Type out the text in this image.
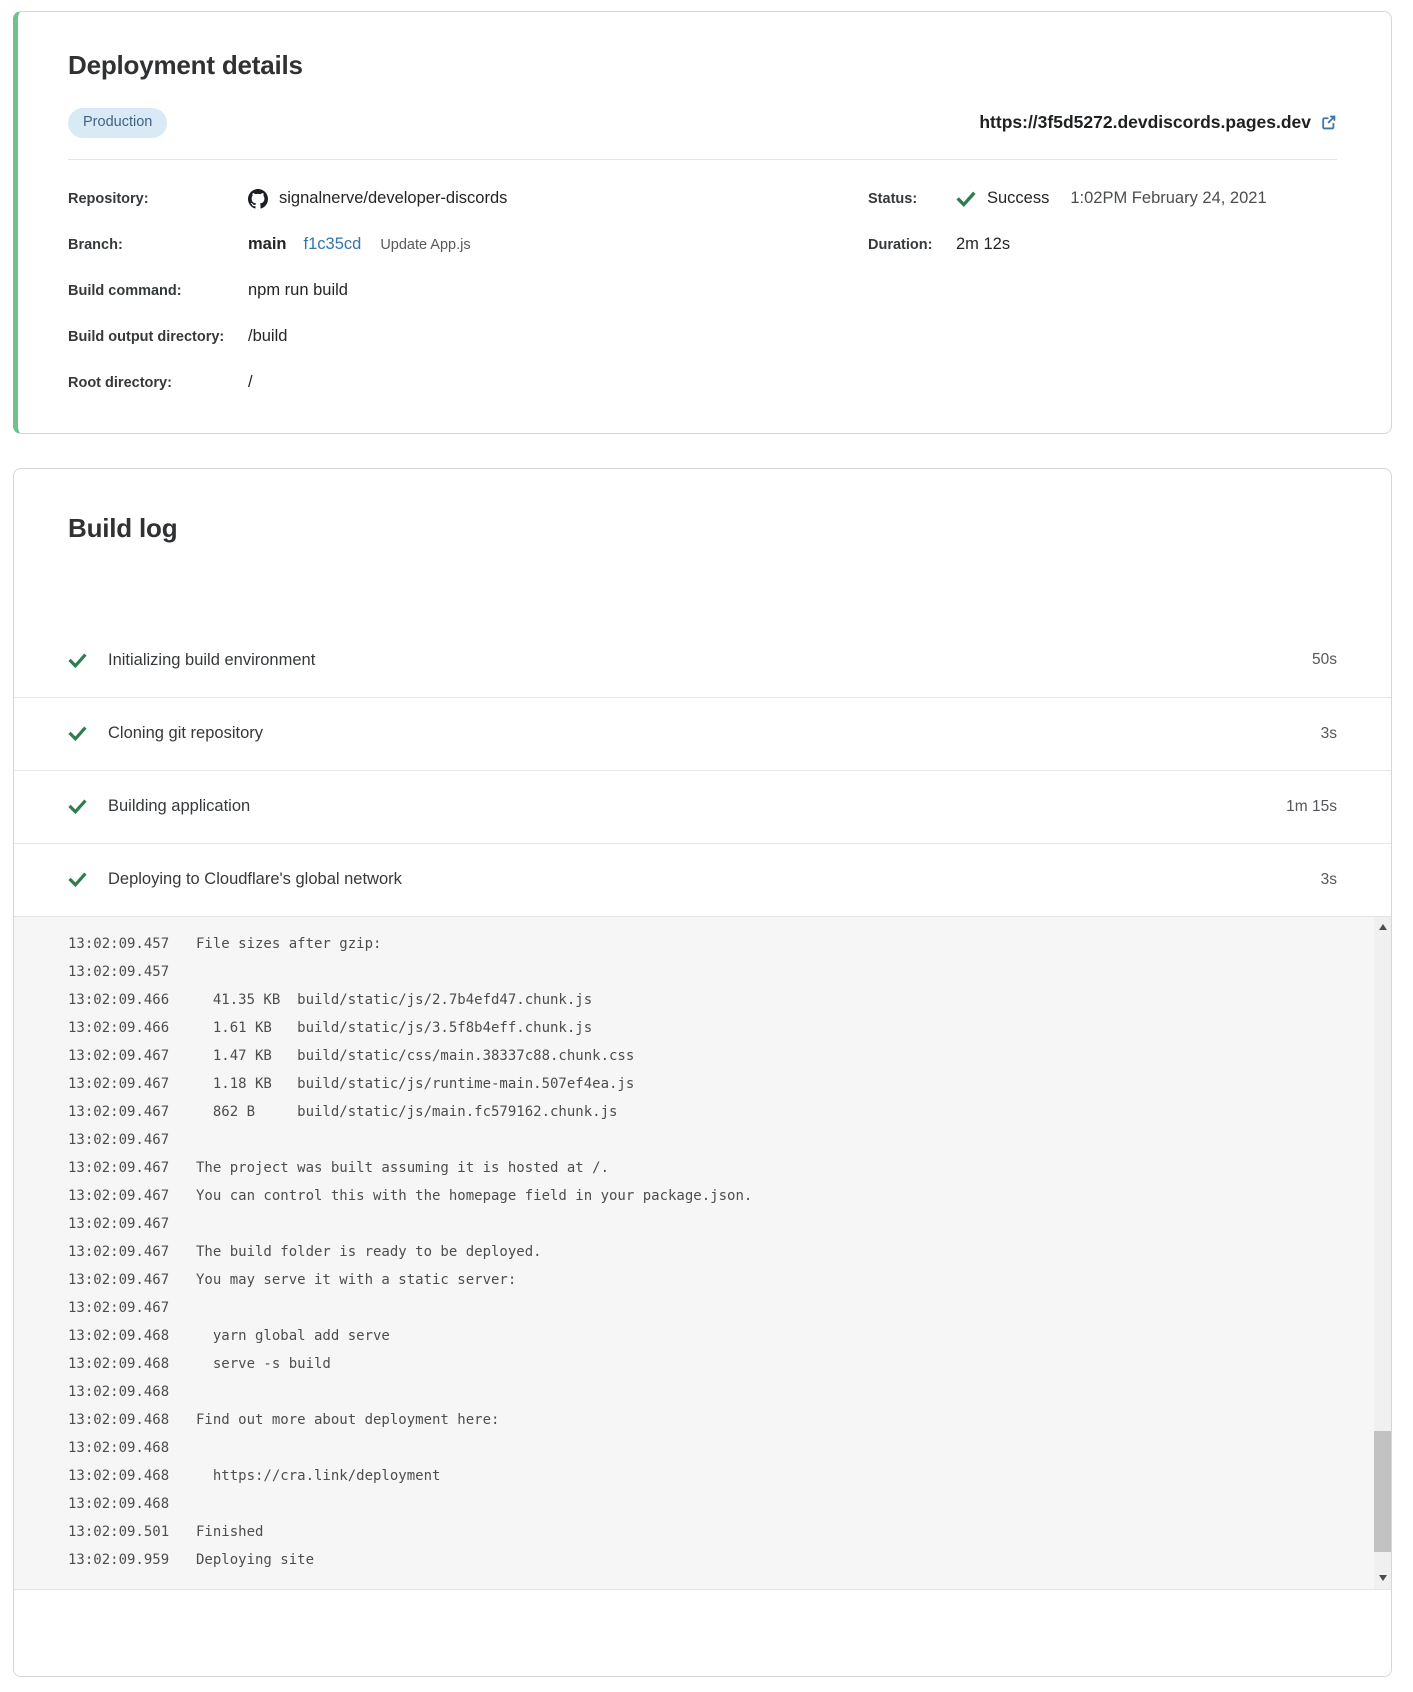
Deployment details
Production	https://3f5d5272.devdiscords.pages.dev
Repository:	signalnerve/developer-discords
Branch:	main f1c35cd Update App.js
Build command:	npm run build
Build output directory:	/build
Root directory:	/
Status:	Success 1:02PM February 24, 2021
Duration:	2m 12s
Build log
Initializing build environment	50s
Cloning git repository	3s
Building application	1m 15s
Deploying to Cloudflare's global network	3s
13:02:09.457	File sizes after gzip:
13:02:09.457
13:02:09.466	41.35 KB  build/static/js/2.7b4efd47.chunk.js
13:02:09.466	1.61 KB   build/static/js/3.5f8b4eff.chunk.js
13:02:09.467	1.47 KB   build/static/css/main.38337c88.chunk.css
13:02:09.467	1.18 KB   build/static/js/runtime-main.507ef4ea.js
13:02:09.467	862 B     build/static/js/main.fc579162.chunk.js
13:02:09.467
13:02:09.467	The project was built assuming it is hosted at /.
13:02:09.467	You can control this with the homepage field in your package.json.
13:02:09.467
13:02:09.467	The build folder is ready to be deployed.
13:02:09.467	You may serve it with a static server:
13:02:09.467
13:02:09.468	yarn global add serve
13:02:09.468	serve -s build
13:02:09.468
13:02:09.468	Find out more about deployment here:
13:02:09.468
13:02:09.468	https://cra.link/deployment
13:02:09.468
13:02:09.501	Finished
13:02:09.959	Deploying site
